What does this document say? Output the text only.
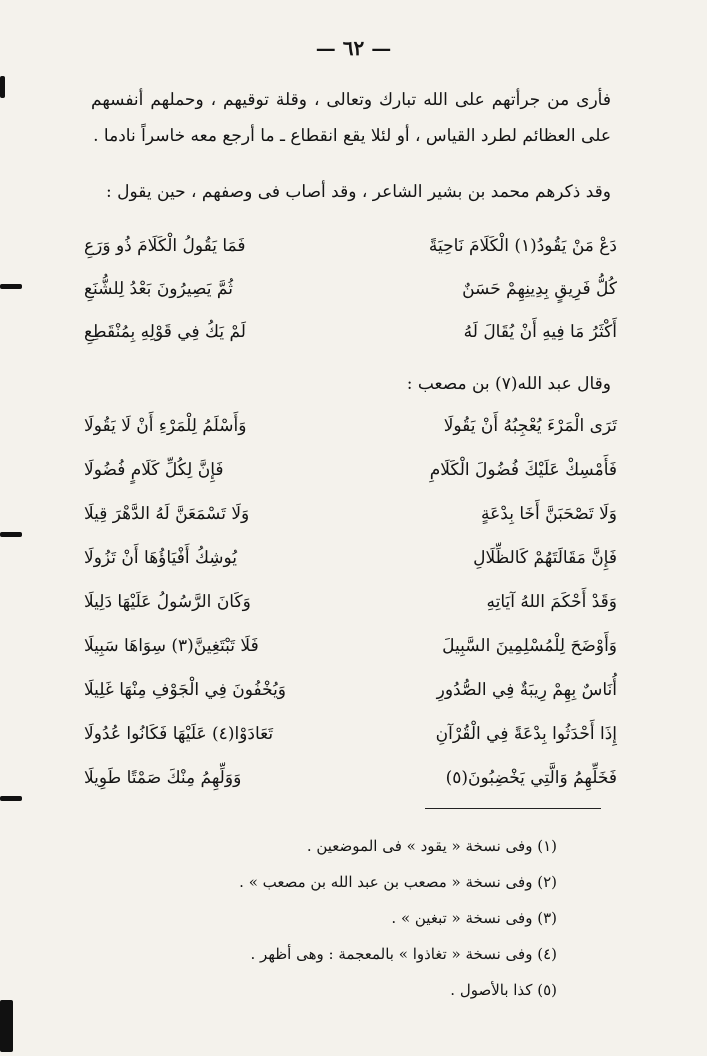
— ٦٢ —
فأرى من جرأتهم على الله تبارك وتعالى ، وقلة توقيهم ، وحملهم أنفسهم على العظائم لطرد القياس ، أو لئلا يقع انقطاع ـ ما أرجع معه خاسراً نادما .
وقد ذكرهم محمد بن بشير الشاعر ، وقد أصاب فى وصفهم ، حين يقول :
دَعْ مَنْ يَقُودُ(١) الْكَلَامَ نَاحِيَةً
فَمَا يَقُولُ الْكَلَامَ ذُو وَرَعِ
كُلُّ فَرِيقٍ بِدِينِهِمْ حَسَنٌ
ثُمَّ يَصِيرُونَ بَعْدُ لِلشُّنَعِ
أَكْثَرُ مَا فِيهِ أَنْ يُقَالَ لَهُ
لَمْ يَكُ فِي قَوْلِهِ بِمُنْقَطِعِ
وقال عبد الله(٧) بن مصعب :
تَرَى الْمَرْءَ يُعْجِبُهُ أَنْ يَقُولَا
وَأَسْلَمُ لِلْمَرْءِ أَنْ لَا يَقُولَا
فَأَمْسِكْ عَلَيْكَ فُضُولَ الْكَلَامِ
فَإِنَّ لِكُلِّ كَلَامٍ فُضُولَا
وَلَا تَصْحَبَنَّ أَخَا بِدْعَةٍ
وَلَا تَسْمَعَنَّ لَهُ الدَّهْرَ قِيلَا
فَإِنَّ مَقَالَتَهُمْ كَالظِّلَالِ
يُوشِكُ أَفْيَاؤُهَا أَنْ تَزُولَا
وَقَدْ أَحْكَمَ اللهُ آيَاتِهِ
وَكَانَ الرَّسُولُ عَلَيْهَا دَلِيلَا
وَأَوْضَحَ لِلْمُسْلِمِينَ السَّبِيلَ
فَلَا تَبْتَغِينَّ(٣) سِوَاهَا سَبِيلَا
أُنَاسٌ بِهِمْ رِيبَةٌ فِي الصُّدُورِ
وَيُخْفُونَ فِي الْجَوْفِ مِنْهَا غَلِيلَا
إِذَا أَحْدَثُوا بِدْعَةً فِي الْقُرْآنِ
تَعَادَوْا(٤) عَلَيْهَا فَكَانُوا عُدُولَا
فَخَلِّهِمُ وَالَّتِي يَخْضِبُونَ(٥)
وَوَلِّهِمُ مِنْكَ صَمْتًا طَوِيلَا
(١) وفى نسخة « يقود » فى الموضعين .
(٢) وفى نسخة « مصعب بن عبد الله بن مصعب » .
(٣) وفى نسخة « تبغين » .
(٤) وفى نسخة « تغاذوا » بالمعجمة : وهى أظهر .
(٥) كذا بالأصول .
